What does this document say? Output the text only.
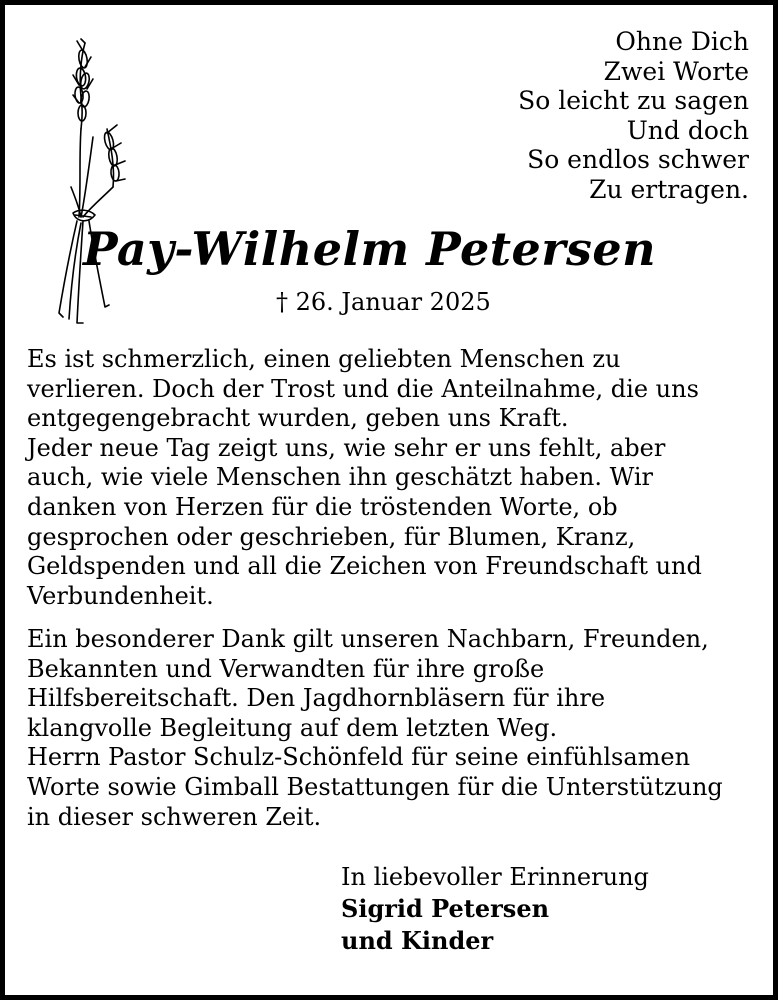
Ohne Dich
Zwei Worte
So leicht zu sagen
Und doch
So endlos schwer
Zu ertragen.
Pay-Wilhelm Petersen
† 26. Januar 2025

Es ist schmerzlich, einen geliebten Menschen zu
verlieren. Doch der Trost und die Anteilnahme, die uns
entgegengebracht wurden, geben uns Kraft.
Jeder neue Tag zeigt uns, wie sehr er uns fehlt, aber
auch, wie viele Menschen ihn geschätzt haben. Wir
danken von Herzen für die tröstenden Worte, ob
gesprochen oder geschrieben, für Blumen, Kranz,
Geldspenden und all die Zeichen von Freundschaft und
Verbundenheit.

Ein besonderer Dank gilt unseren Nachbarn, Freunden,
Bekannten und Verwandten für ihre große
Hilfsbereitschaft. Den Jagdhornbläsern für ihre
klangvolle Begleitung auf dem letzten Weg.
Herrn Pastor Schulz-Schönfeld für seine einfühlsamen
Worte sowie Gimball Bestattungen für die Unterstützung
in dieser schweren Zeit.

In liebevoller Erinnerung
Sigrid Petersen
und Kinder
